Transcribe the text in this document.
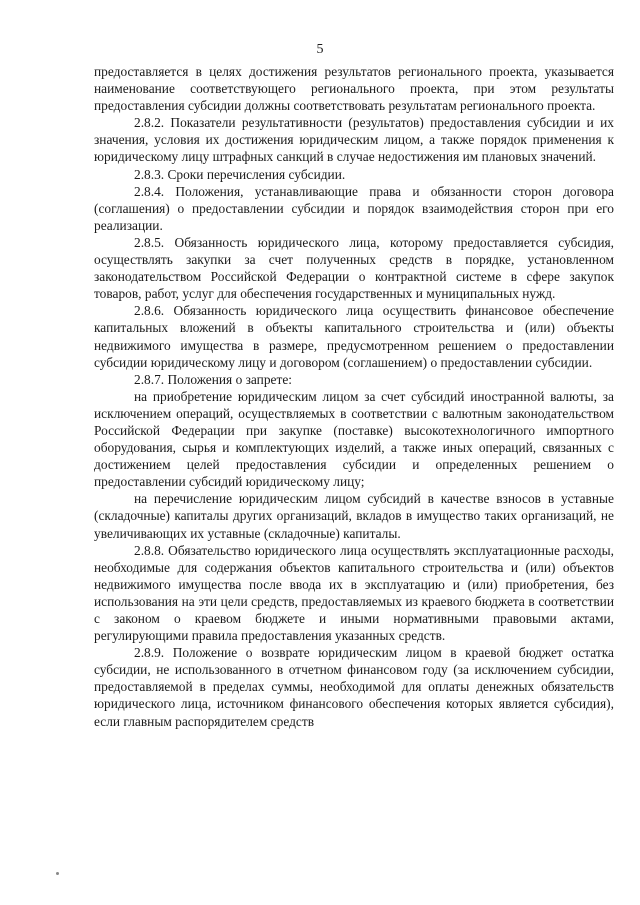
5

предоставляется в целях достижения результатов регионального проекта, указывается наименование соответствующего регионального проекта, при этом результаты предоставления субсидии должны соответствовать результатам регионального проекта.

2.8.2. Показатели результативности (результатов) предоставления субсидии и их значения, условия их достижения юридическим лицом, а также порядок применения к юридическому лицу штрафных санкций в случае недостижения им плановых значений.

2.8.3. Сроки перечисления субсидии.

2.8.4. Положения, устанавливающие права и обязанности сторон договора (соглашения) о предоставлении субсидии и порядок взаимодействия сторон при его реализации.

2.8.5. Обязанность юридического лица, которому предоставляется субсидия, осуществлять закупки за счет полученных средств в порядке, установленном законодательством Российской Федерации о контрактной системе в сфере закупок товаров, работ, услуг для обеспечения государственных и муниципальных нужд.

2.8.6. Обязанность юридического лица осуществить финансовое обеспечение капитальных вложений в объекты капитального строительства и (или) объекты недвижимого имущества в размере, предусмотренном решением о предоставлении субсидии юридическому лицу и договором (соглашением) о предоставлении субсидии.

2.8.7. Положения о запрете:

на приобретение юридическим лицом за счет субсидий иностранной валюты, за исключением операций, осуществляемых в соответствии с валютным законодательством Российской Федерации при закупке (поставке) высокотехнологичного импортного оборудования, сырья и комплектующих изделий, а также иных операций, связанных с достижением целей предоставления субсидии и определенных решением о предоставлении субсидий юридическому лицу;

на перечисление юридическим лицом субсидий в качестве взносов в уставные (складочные) капиталы других организаций, вкладов в имущество таких организаций, не увеличивающих их уставные (складочные) капиталы.

2.8.8. Обязательство юридического лица осуществлять эксплуатационные расходы, необходимые для содержания объектов капитального строительства и (или) объектов недвижимого имущества после ввода их в эксплуатацию и (или) приобретения, без использования на эти цели средств, предоставляемых из краевого бюджета в соответствии с законом о краевом бюджете и иными нормативными правовыми актами, регулирующими правила предоставления указанных средств.

2.8.9. Положение о возврате юридическим лицом в краевой бюджет остатка субсидии, не использованного в отчетном финансовом году (за исключением субсидии, предоставляемой в пределах суммы, необходимой для оплаты денежных обязательств юридического лица, источником финансового обеспечения которых является субсидия), если главным распорядителем средств
